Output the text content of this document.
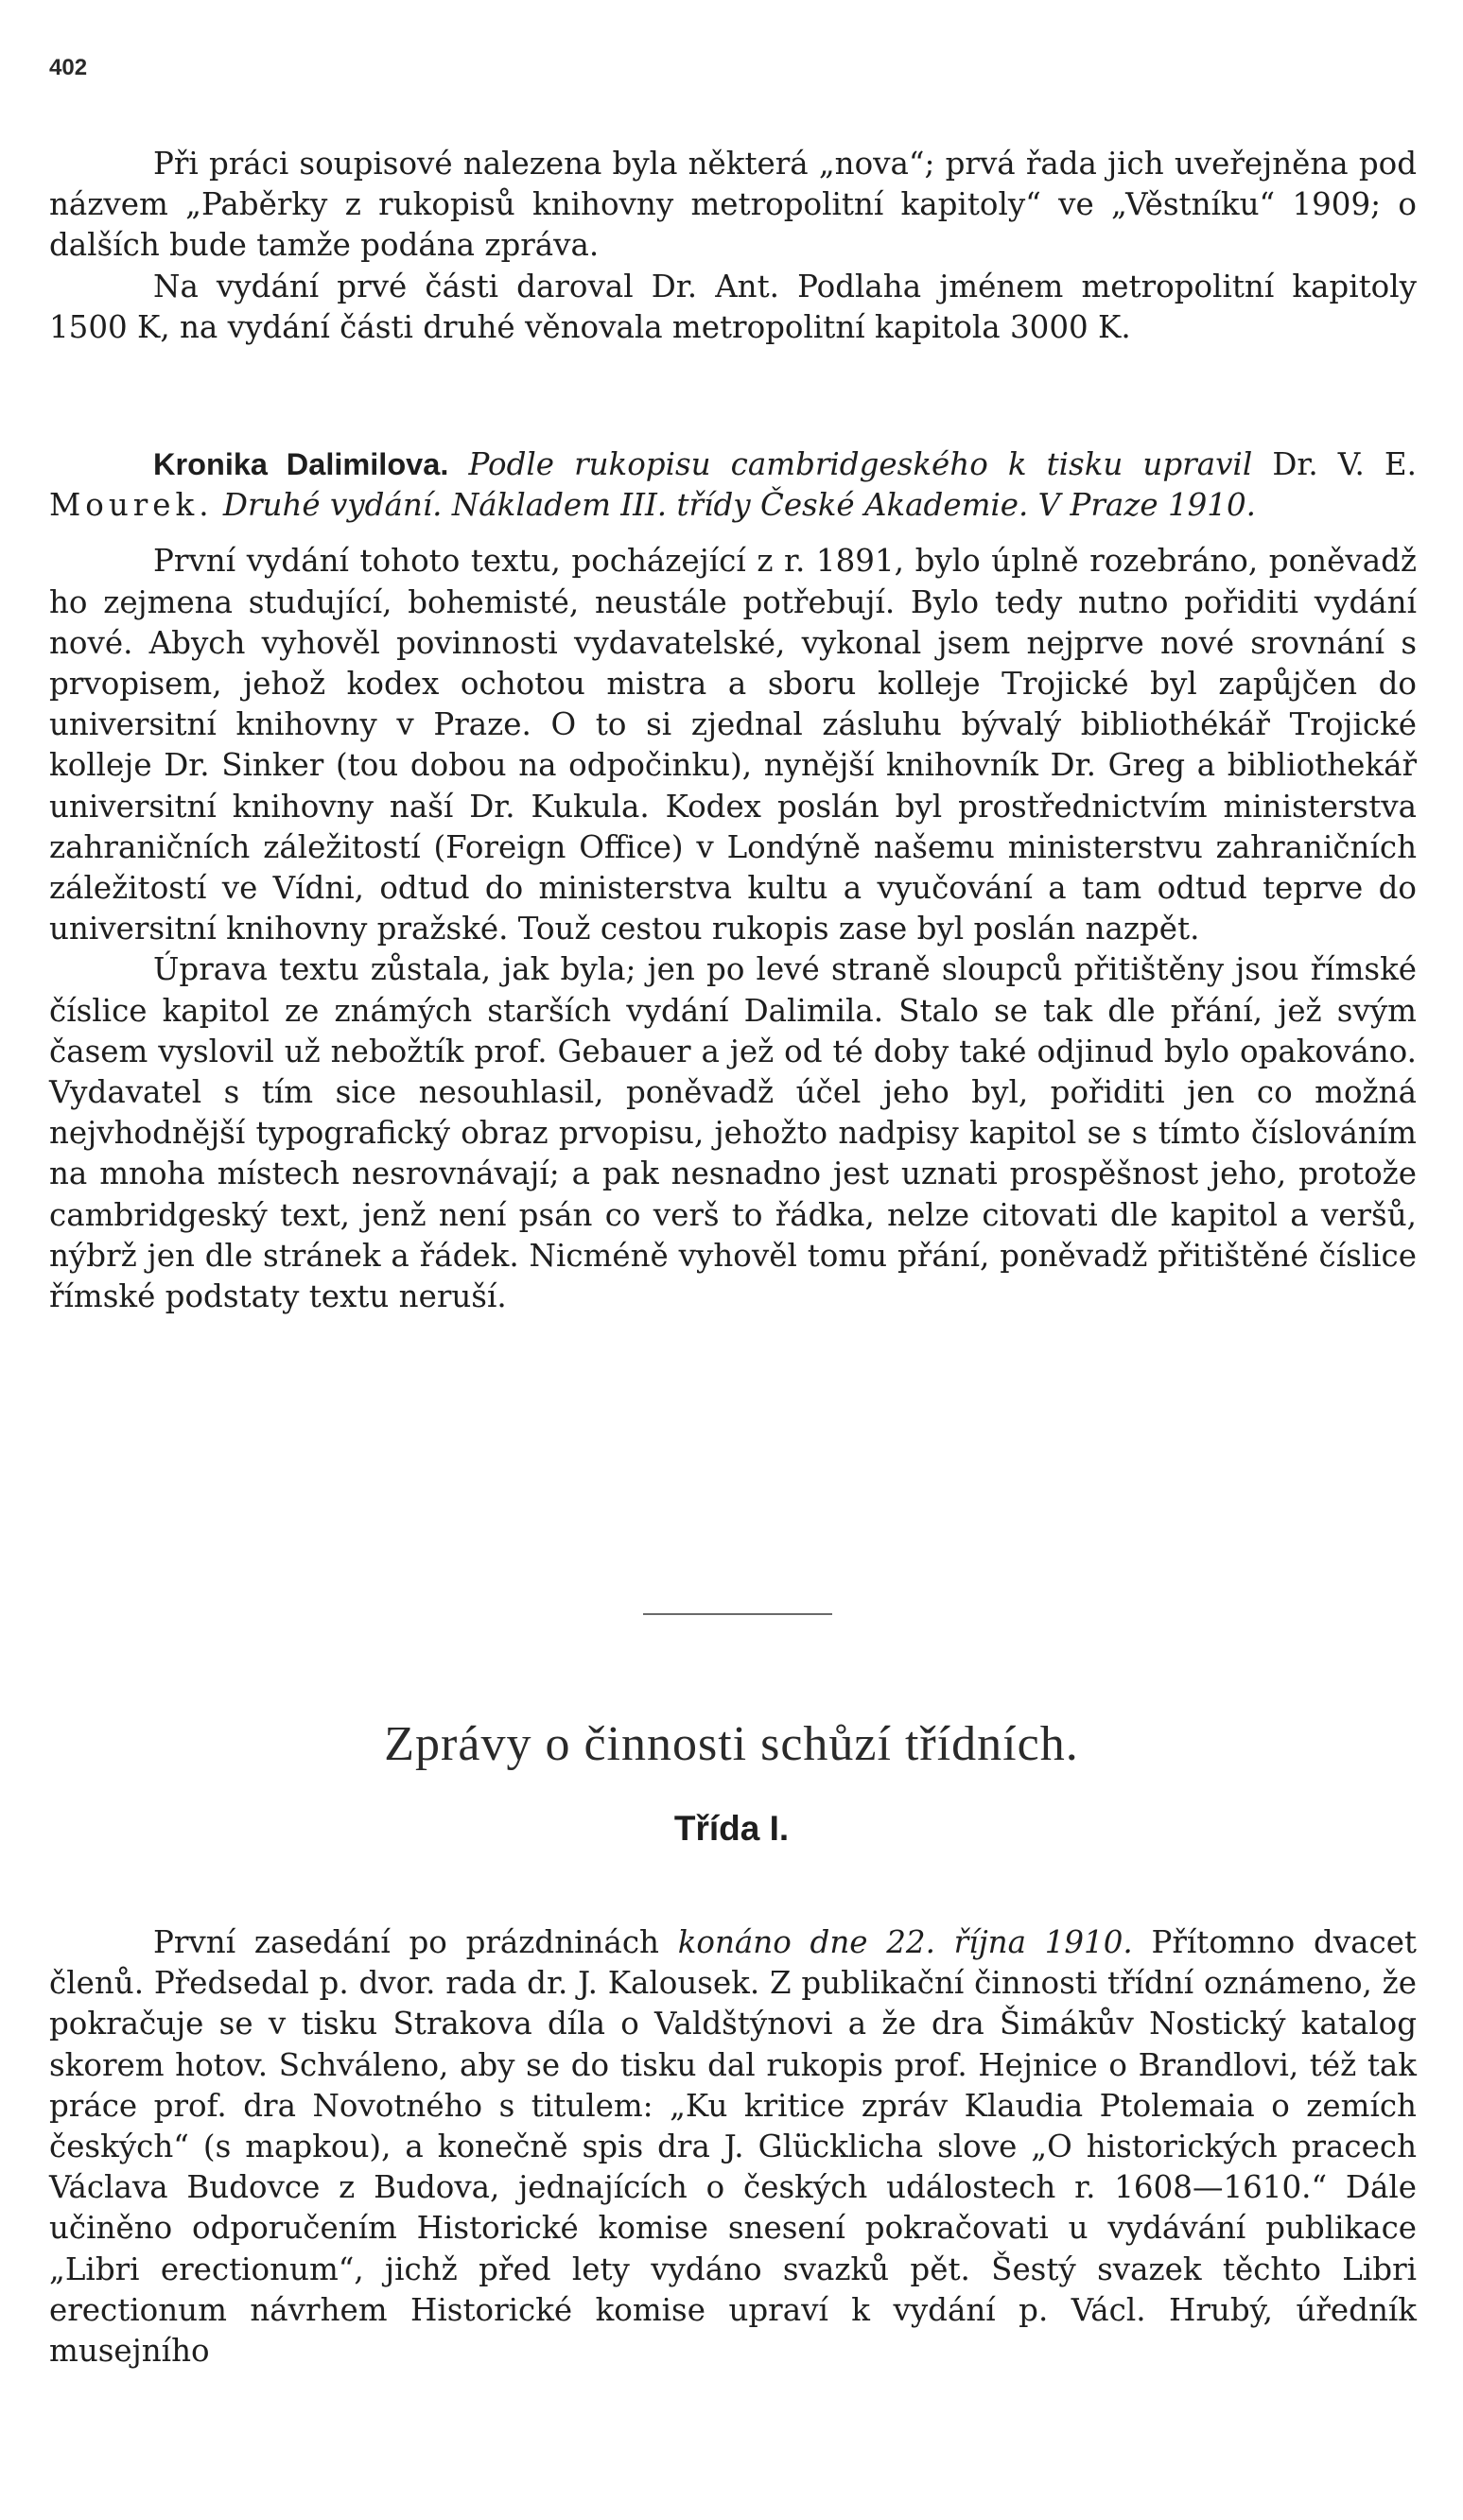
402

Při práci soupisové nalezena byla některá „nova“; prvá řada jich uveřejněna pod názvem „Paběrky z rukopisů knihovny metropolitní kapitoly“ ve „Věstníku“ 1909; o dalších bude tamže podána zpráva.

Na vydání prvé části daroval Dr. Ant. Podlaha jménem metropolitní kapitoly 1500 K, na vydání části druhé věnovala metropolitní kapitola 3000 K.

Kronika Dalimilova. Podle rukopisu cambridgeského k tisku upravil Dr. V. E. Mourek. Druhé vydání. Nákladem III. třídy České Akademie. V Praze 1910.

První vydání tohoto textu, pocházející z r. 1891, bylo úplně rozebráno, poněvadž ho zejmena studující, bohemisté, neustále potřebují. Bylo tedy nutno pořiditi vydání nové. Abych vyhověl povinnosti vydavatelské, vykonal jsem nejprve nové srovnání s prvopisem, jehož kodex ochotou mistra a sboru kolleje Trojické byl zapůjčen do universitní knihovny v Praze. O to si zjednal zásluhu bývalý bibliothékář Trojické kolleje Dr. Sinker (tou dobou na odpočinku), nynější knihovník Dr. Greg a bibliothekář universitní knihovny naší Dr. Kukula. Kodex poslán byl prostřednictvím ministerstva zahraničních záležitostí (Foreign Office) v Londýně našemu ministerstvu zahraničních záležitostí ve Vídni, odtud do ministerstva kultu a vyučování a tam odtud teprve do universitní knihovny pražské. Touž cestou rukopis zase byl poslán nazpět.

Úprava textu zůstala, jak byla; jen po levé straně sloupců přitištěny jsou římské číslice kapitol ze známých starších vydání Dalimila. Stalo se tak dle přání, jež svým časem vyslovil už nebožtík prof. Gebauer a jež od té doby také odjinud bylo opakováno. Vydavatel s tím sice nesouhlasil, poněvadž účel jeho byl, pořiditi jen co možná nejvhodnější typografický obraz prvopisu, jehožto nadpisy kapitol se s tímto číslováním na mnoha místech nesrovnávají; a pak nesnadno jest uznati prospěšnost jeho, protože cambridgeský text, jenž není psán co verš to řádka, nelze citovati dle kapitol a veršů, nýbrž jen dle stránek a řádek. Nicméně vyhověl tomu přání, poněvadž přitištěné číslice římské podstaty textu neruší.

Zprávy o činnosti schůzí třídních.
Třída I.

První zasedání po prázdninách konáno dne 22. října 1910. Přítomno dvacet členů. Předsedal p. dvor. rada dr. J. Kalousek. Z publikační činnosti třídní oznámeno, že pokračuje se v tisku Strakova díla o Valdštýnovi a že dra Šimákův Nostický katalog skorem hotov. Schváleno, aby se do tisku dal rukopis prof. Hejnice o Brandlovi, též tak práce prof. dra Novotného s titulem: „Ku kritice zpráv Klaudia Ptolemaia o zemích českých“ (s mapkou), a konečně spis dra J. Glücklicha slove „O historických pracech Václava Budovce z Budova, jednajících o českých událostech r. 1608—1610.“ Dále učiněno odporučením Historické komise snesení pokračovati u vydávání publikace „Libri erectionum“, jichž před lety vydáno svazků pět. Šestý svazek těchto Libri erectionum návrhem Historické komise upraví k vydání p. Václ. Hrubý, úředník musejního
